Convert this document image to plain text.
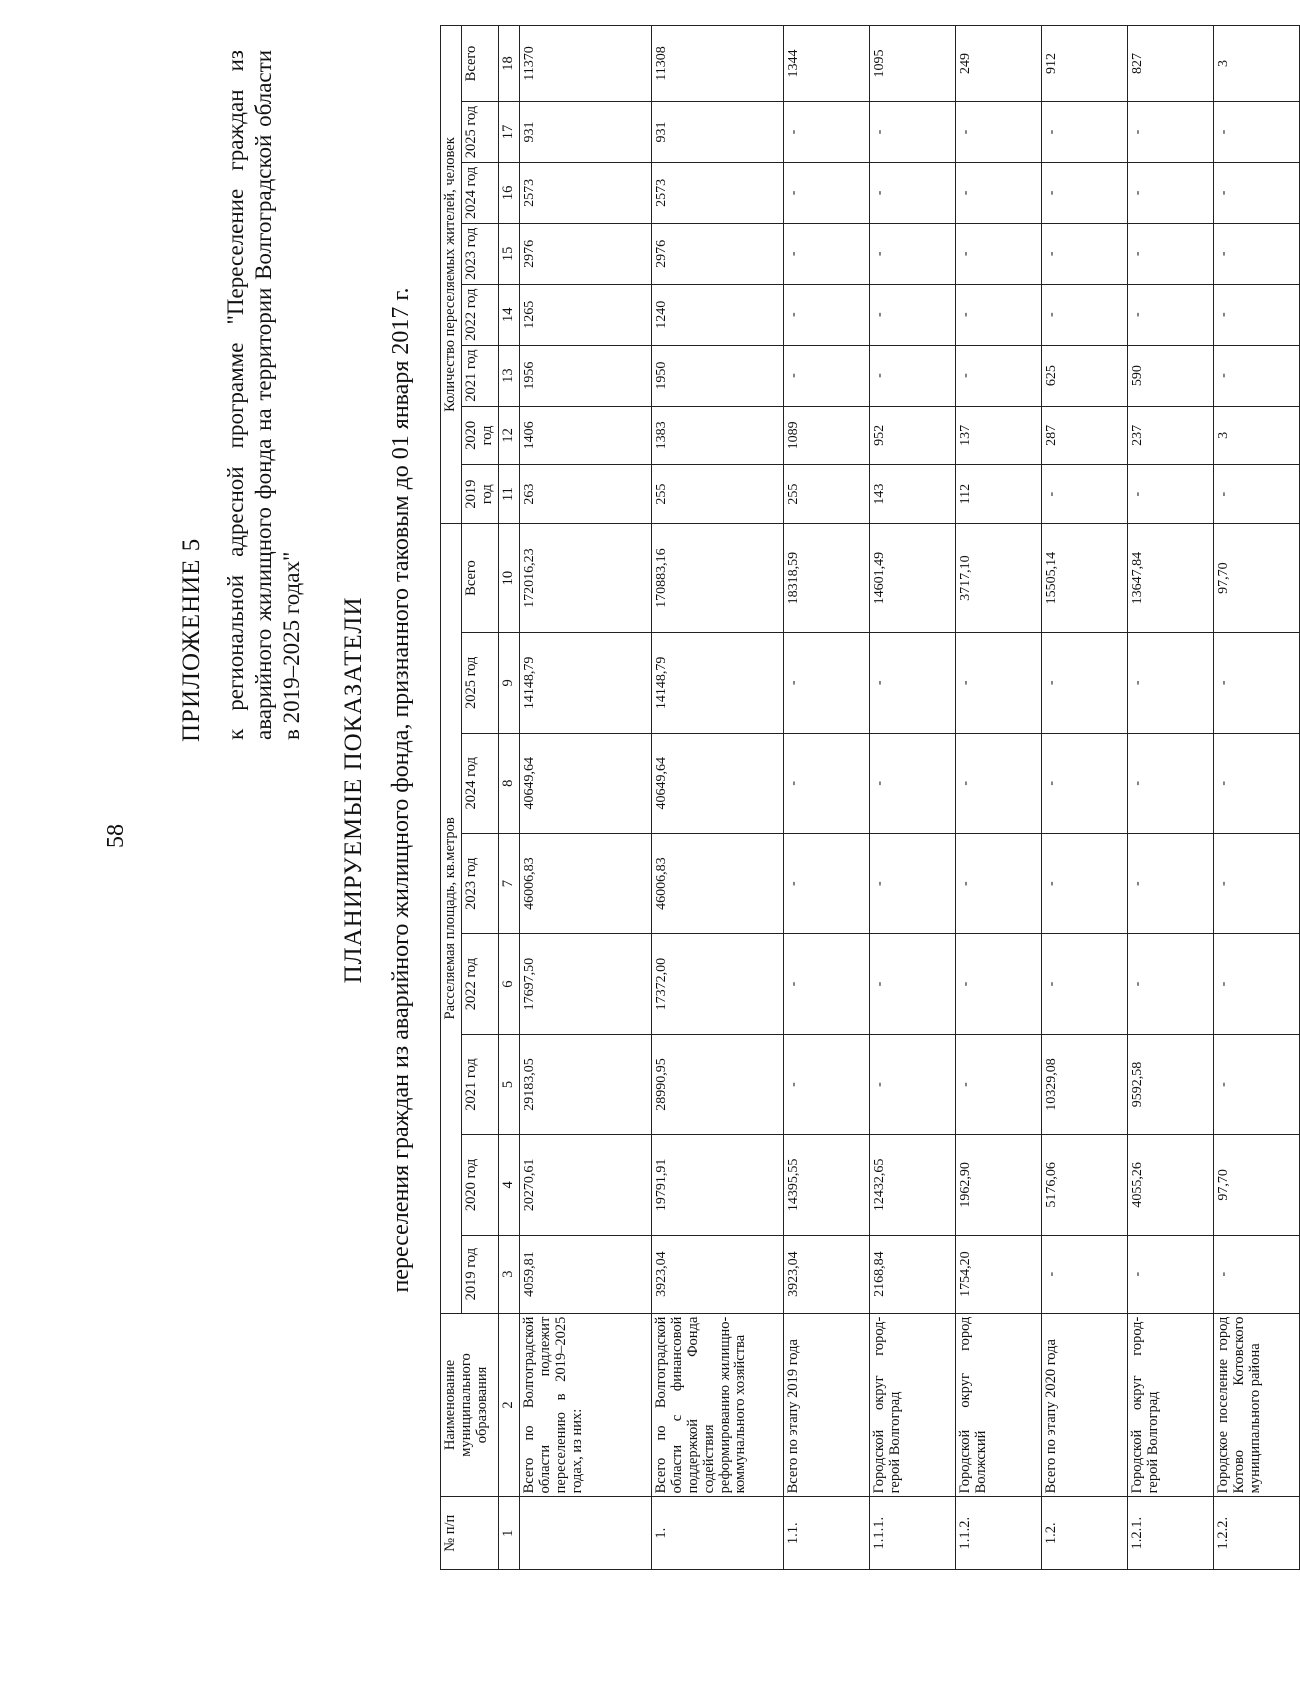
58
ПРИЛОЖЕНИЕ 5 к региональной адресной программе "Переселение граждан из аварийного жилищного фонда на территории Волгоградской области в 2019–2025 годах" ПЛАНИРУЕМЫЕ ПОКАЗАТЕЛИ переселения граждан из аварийного жилищного фонда, признанного таковым до 01 января 2017 г.
№ п/п	Наименование муниципального образования	Расселяемая площадь, кв.метров								Количество переселяемых жителей, человек							
		2019 год	2020 год	2021 год	2022 год	2023 год	2024 год	2025 год	Всего	2019 год	2020 год	2021 год	2022 год	2023 год	2024 год	2025 год	Всего
1	2	3	4	5	6	7	8	9	10	11	12	13	14	15	16	17	18
	Всего по Волгоградской области подлежит переселению в 2019–2025 годах, из них:	4059,81	20270,61	29183,05	17697,50	46006,83	40649,64	14148,79	172016,23	263	1406	1956	1265	2976	2573	931	11370
1.	Всего по Волгоградской области с финансовой поддержкой Фонда содействия реформированию жилищно-коммунального хозяйства	3923,04	19791,91	28990,95	17372,00	46006,83	40649,64	14148,79	170883,16	255	1383	1950	1240	2976	2573	931	11308
1.1.	Всего по этапу 2019 года	3923,04	14395,55	-	-	-	-	-	18318,59	255	1089	-	-	-	-	-	1344
1.1.1.	Городской округ город-герой Волгоград	2168,84	12432,65	-	-	-	-	-	14601,49	143	952	-	-	-	-	-	1095
1.1.2.	Городской округ город Волжский	1754,20	1962,90	-	-	-	-	-	3717,10	112	137	-	-	-	-	-	249
1.2.	Всего по этапу 2020 года	-	5176,06	10329,08	-	-	-	-	15505,14	-	287	625	-	-	-	-	912
1.2.1.	Городской округ город-герой Волгоград	-	4055,26	9592,58	-	-	-	-	13647,84	-	237	590	-	-	-	-	827
1.2.2.	Городское поселение город Котово Котовского муниципального района	-	97,70	-	-	-	-	-	97,70	-	3	-	-	-	-	-	3
